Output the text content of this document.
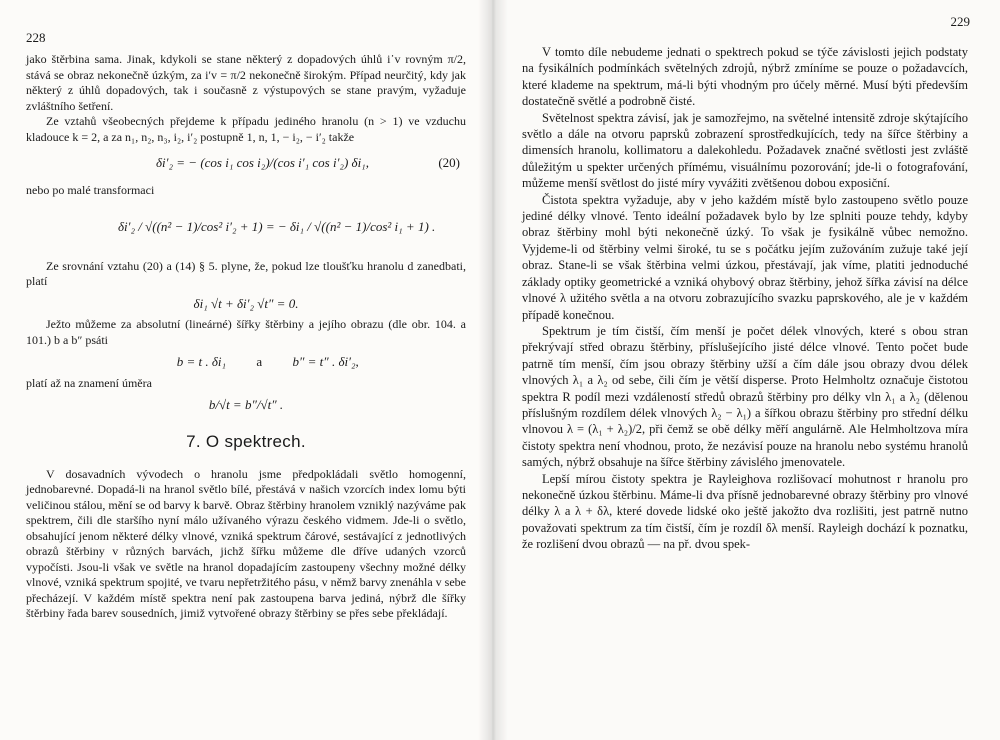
228

jako štěrbina sama. Jinak, kdykoli se stane některý z dopadových úhlů i᾽v rovným π/2, stává se obraz nekonečně úzkým, za i′v = π/2 nekonečně širokým. Případ neurčitý, kdy jak některý z úhlů dopadových, tak i současně z výstupových se stane pravým, vyžaduje zvláštního šetření.

Ze vztahů všeobecných přejdeme k případu jediného hranolu (n > 1) ve vzduchu kladouce k = 2, a za n₁, n₂, n₃, i₂, i′₂ postupně 1, n, 1, − i₂, − i′₂ takže

δi′₂ = − (cos i₁ cos i₂)/(cos i′₁ cos i′₂) δi₁,	(20)

nebo po malé transformaci

δi′₂ / √((n² − 1)/cos² i′₂ + 1) = − δi₁ / √((n² − 1)/cos² i₁ + 1) .

Ze srovnání vztahu (20) a (14) § 5. plyne, že, pokud lze tloušťku hranolu d zanedbati, platí

δi₁ √t + δi′₂ √t″ = 0.

Ježto můžeme za absolutní (lineárné) šířky štěrbiny a jejího obrazu (dle obr. 104. a 101.) b a b″ psáti

b = t . δi₁ a b″ = t″ . δi′₂,

platí až na znamení úměra

b/√t = b″/√t″ .
7. O spektrech.

V dosavadních vývodech o hranolu jsme předpokládali světlo homogenní, jednobarevné. Dopadá-li na hranol světlo bílé, přestává v našich vzorcích index lomu býti veličinou stálou, mění se od barvy k barvě. Obraz štěrbiny hranolem vzniklý nazýváme pak spektrem, čili dle staršího nyní málo užívaného výrazu českého vidmem. Jde-li o světlo, obsahující jenom některé délky vlnové, vzniká spektrum čárové, sestávající z jednotlivých obrazů štěrbiny v různých barvách, jichž šířku můžeme dle dříve udaných vzorců vypočísti. Jsou-li však ve světle na hranol dopadajícím zastoupeny všechny možné délky vlnové, vzniká spektrum spojité, ve tvaru nepřetržitého pásu, v němž barvy znenáhla v sebe přecházejí. V každém místě spektra není pak zastoupena barva jediná, nýbrž dle šířky štěrbiny řada barev sousedních, jimiž vytvořené obrazy štěrbiny se přes sebe překládají.

229

V tomto díle nebudeme jednati o spektrech pokud se týče závislosti jejich podstaty na fysikálních podmínkách světelných zdrojů, nýbrž zmíníme se pouze o požadavcích, které klademe na spektrum, má-li býti vhodným pro účely měrné. Musí býti především dostatečně světlé a podrobně čisté.

Světelnost spektra závisí, jak je samozřejmo, na světelné intensitě zdroje skýtajícího světlo a dále na otvoru paprsků zobrazení sprostředkujících, tedy na šířce štěrbiny a dimensích hranolu, kollimatoru a dalekohledu. Požadavek značné světlosti jest zvláště důležitým u spekter určených přímému, visuálnímu pozorování; jde-li o fotografování, můžeme menší světlost do jisté míry vyvážiti zvětšenou dobou exposiční.

Čistota spektra vyžaduje, aby v jeho každém místě bylo zastoupeno světlo pouze jediné délky vlnové. Tento ideální požadavek bylo by lze splniti pouze tehdy, kdyby obraz štěrbiny mohl býti nekonečně úzký. To však je fysikálně vůbec nemožno. Vyjdeme-li od štěrbiny velmi široké, tu se s počátku jejím zužováním zužuje také její obraz. Stane-li se však štěrbina velmi úzkou, přestávají, jak víme, platiti jednoduché základy optiky geometrické a vzniká ohybový obraz štěrbiny, jehož šířka závisí na délce vlnové λ užitého světla a na otvoru zobrazujícího svazku paprskového, ale je v každém případě konečnou.

Spektrum je tím čistší, čím menší je počet délek vlnových, které s obou stran překrývají střed obrazu štěrbiny, příslušejícího jisté délce vlnové. Tento počet bude patrně tím menší, čím jsou obrazy štěrbiny užší a čím dále jsou obrazy dvou délek vlnových λ₁ a λ₂ od sebe, čili čím je větší disperse. Proto Helmholtz označuje čistotou spektra R podíl mezi vzdáleností středů obrazů štěrbiny pro délky vln λ₁ a λ₂ (dělenou příslušným rozdílem délek vlnových λ₂ − λ₁) a šířkou obrazu štěrbiny pro střední délku vlnovou λ = (λ₁ + λ₂)/2, při čemž se obě délky měří angulárně. Ale Helmholtzova míra čistoty spektra není vhodnou, proto, že nezávisí pouze na hranolu nebo systému hranolů samých, nýbrž obsahuje na šířce štěrbiny závislého jmenovatele.

Lepší mírou čistoty spektra je Rayleighova rozlišovací mohutnost r hranolu pro nekonečně úzkou štěrbinu. Máme-li dva přísně jednobarevné obrazy štěrbiny pro vlnové délky λ a λ + δλ, které dovede lidské oko ještě jakožto dva rozlišiti, jest patrně nutno považovati spektrum za tím čistší, čím je rozdíl δλ menší. Rayleigh dochází k poznatku, že rozlišení dvou obrazů — na př. dvou spek-
